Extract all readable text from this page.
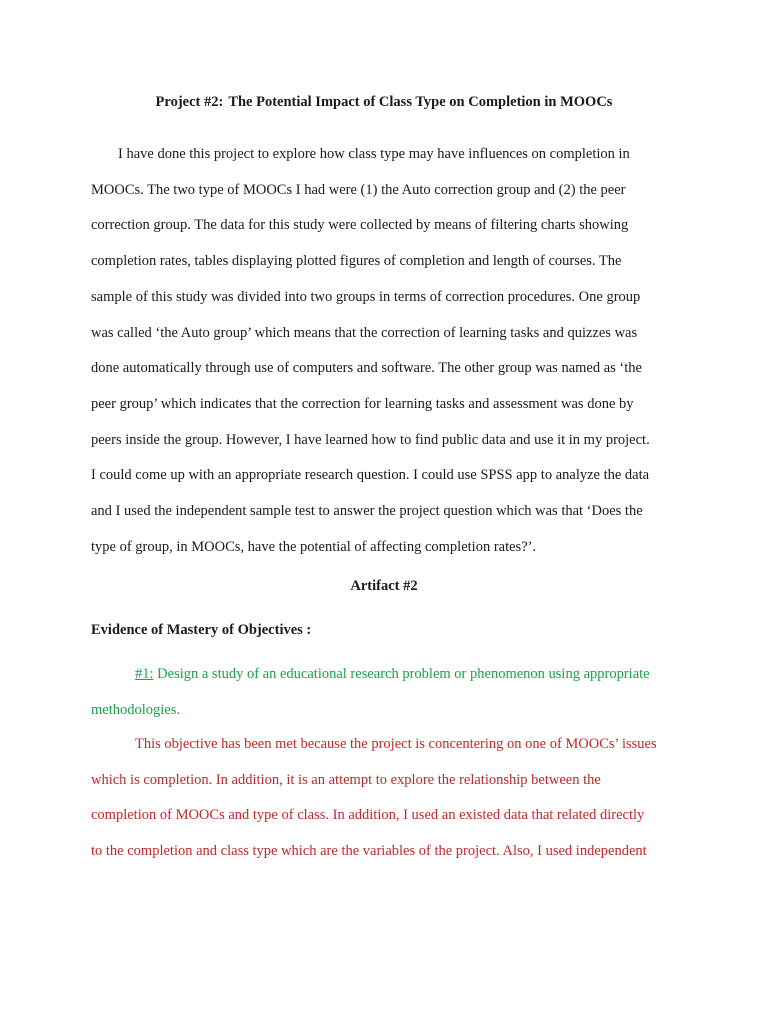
Project #2: The Potential Impact of Class Type on Completion in MOOCs
I have done this project to explore how class type may have influences on completion in
MOOCs. The two type of MOOCs I had were (1) the Auto correction group and (2) the peer
correction group. The data for this study were collected by means of filtering charts showing
completion rates, tables displaying plotted figures of completion and length of courses. The
sample of this study was divided into two groups in terms of correction procedures. One group
was called ‘the Auto group’ which means that the correction of learning tasks and quizzes was
done automatically through use of computers and software. The other group was named as ‘the
peer group’ which indicates that the correction for learning tasks and assessment was done by
peers inside the group. However, I have learned how to find public data and use it in my project.
I could come up with an appropriate research question. I could use SPSS app to analyze the data
and I used the independent sample test to answer the project question which was that ‘Does the
type of group, in MOOCs, have the potential of affecting completion rates?’.
Artifact #2
Evidence of Mastery of Objectives :
#1: Design a study of an educational research problem or phenomenon using appropriate
methodologies.
This objective has been met because the project is concentering on one of MOOCs’ issues
which is completion. In addition, it is an attempt to explore the relationship between the
completion of MOOCs and type of class. In addition, I used an existed data that related directly
to the completion and class type which are the variables of the project. Also, I used independent
